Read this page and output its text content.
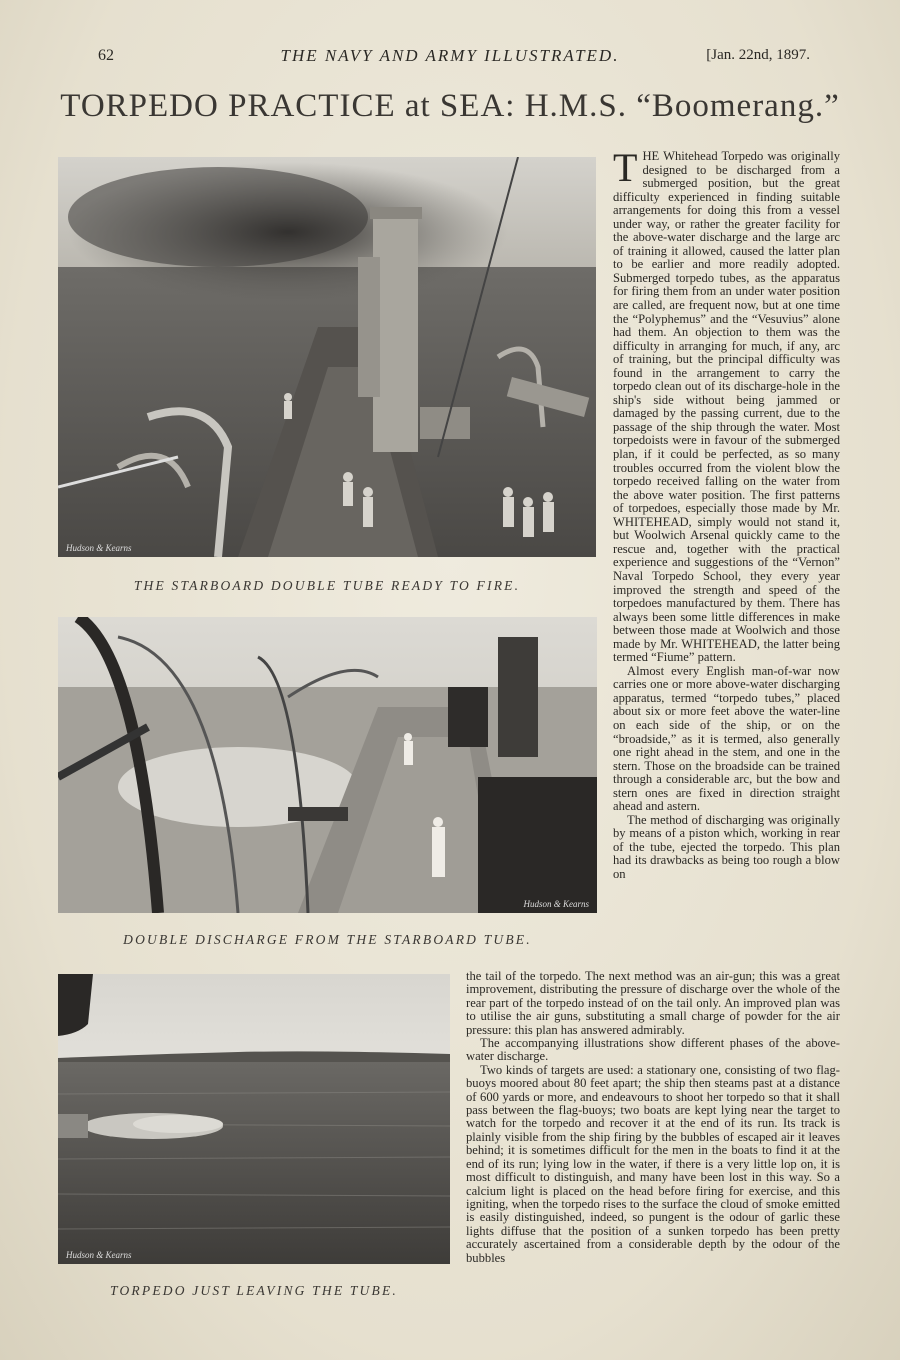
62	THE NAVY AND ARMY ILLUSTRATED.	[Jan. 22nd, 1897.
TORPEDO PRACTICE at SEA: H.M.S. “Boomerang.”
Hudson & Kearns
THE STARBOARD DOUBLE TUBE READY TO FIRE.
Hudson & Kearns
DOUBLE DISCHARGE FROM THE STARBOARD TUBE.
Hudson & Kearns
TORPEDO JUST LEAVING THE TUBE.

THE Whitehead Torpedo was originally designed to be discharged from a submerged position, but the great difficulty experienced in finding suitable arrangements for doing this from a vessel under way, or rather the greater facility for the above-water discharge and the large arc of training it allowed, caused the latter plan to be earlier and more readily adopted. Submerged torpedo tubes, as the apparatus for firing them from an under water position are called, are frequent now, but at one time the “Polyphemus” and the “Vesuvius” alone had them. An objection to them was the difficulty in arranging for much, if any, arc of training, but the principal difficulty was found in the arrangement to carry the torpedo clean out of its discharge-hole in the ship's side without being jammed or damaged by the passing current, due to the passage of the ship through the water. Most torpedoists were in favour of the submerged plan, if it could be perfected, as so many troubles occurred from the violent blow the torpedo received falling on the water from the above water position. The first patterns of torpedoes, especially those made by Mr. WHITEHEAD, simply would not stand it, but Woolwich Arsenal quickly came to the rescue and, together with the practical experience and suggestions of the “Vernon” Naval Torpedo School, they every year improved the strength and speed of the torpedoes manufactured by them. There has always been some little differences in make between those made at Woolwich and those made by Mr. WHITEHEAD, the latter being termed “Fiume” pattern.

Almost every English man-of-war now carries one or more above-water discharging apparatus, termed “torpedo tubes,” placed about six or more feet above the water-line on each side of the ship, or on the “broadside,” as it is termed, also generally one right ahead in the stem, and one in the stern. Those on the broadside can be trained through a considerable arc, but the bow and stern ones are fixed in direction straight ahead and astern.

The method of discharging was originally by means of a piston which, working in rear of the tube, ejected the torpedo. This plan had its drawbacks as being too rough a blow on

the tail of the torpedo. The next method was an air-gun; this was a great improvement, distributing the pressure of discharge over the whole of the rear part of the torpedo instead of on the tail only. An improved plan was to utilise the air guns, substituting a small charge of powder for the air pressure: this plan has answered admirably.

The accompanying illustrations show different phases of the above-water discharge.

Two kinds of targets are used: a stationary one, consisting of two flag-buoys moored about 80 feet apart; the ship then steams past at a distance of 600 yards or more, and endeavours to shoot her torpedo so that it shall pass between the flag-buoys; two boats are kept lying near the target to watch for the torpedo and recover it at the end of its run. Its track is plainly visible from the ship firing by the bubbles of escaped air it leaves behind; it is sometimes difficult for the men in the boats to find it at the end of its run; lying low in the water, if there is a very little lop on, it is most difficult to distinguish, and many have been lost in this way. So a calcium light is placed on the head before firing for exercise, and this igniting, when the torpedo rises to the surface the cloud of smoke emitted is easily distinguished, indeed, so pungent is the odour of garlic these lights diffuse that the position of a sunken torpedo has been pretty accurately ascertained from a considerable depth by the odour of the bubbles
